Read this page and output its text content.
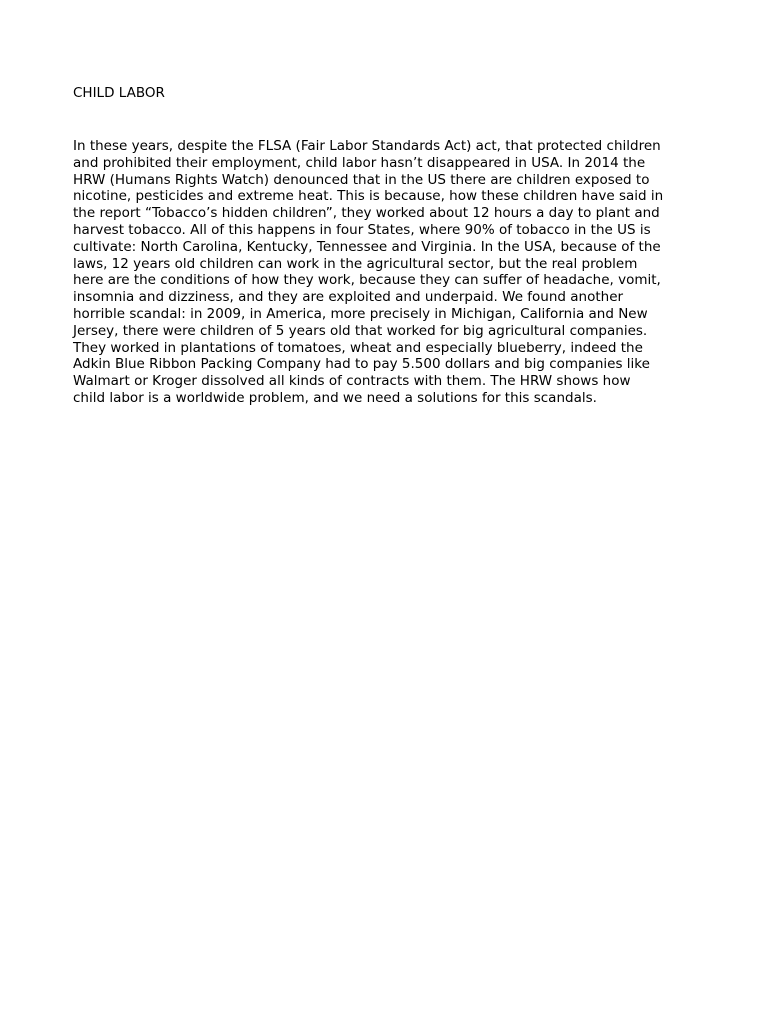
CHILD LABOR

In these years, despite the FLSA (Fair Labor Standards Act) act, that protected children
and prohibited their employment, child labor hasn’t disappeared in USA. In 2014 the
HRW (Humans Rights Watch) denounced that in the US there are children exposed to
nicotine, pesticides and extreme heat. This is because, how these children have said in
the report “Tobacco’s hidden children”, they worked about 12 hours a day to plant and
harvest tobacco. All of this happens in four States, where 90% of tobacco in the US is
cultivate: North Carolina, Kentucky, Tennessee and Virginia. In the USA, because of the
laws, 12 years old children can work in the agricultural sector, but the real problem
here are the conditions of how they work, because they can suffer of headache, vomit,
insomnia and dizziness, and they are exploited and underpaid. We found another
horrible scandal: in 2009, in America, more precisely in Michigan, California and New
Jersey, there were children of 5 years old that worked for big agricultural companies.
They worked in plantations of tomatoes, wheat and especially blueberry, indeed the
Adkin Blue Ribbon Packing Company had to pay 5.500 dollars and big companies like
Walmart or Kroger dissolved all kinds of contracts with them. The HRW shows how
child labor is a worldwide problem, and we need a solutions for this scandals.
